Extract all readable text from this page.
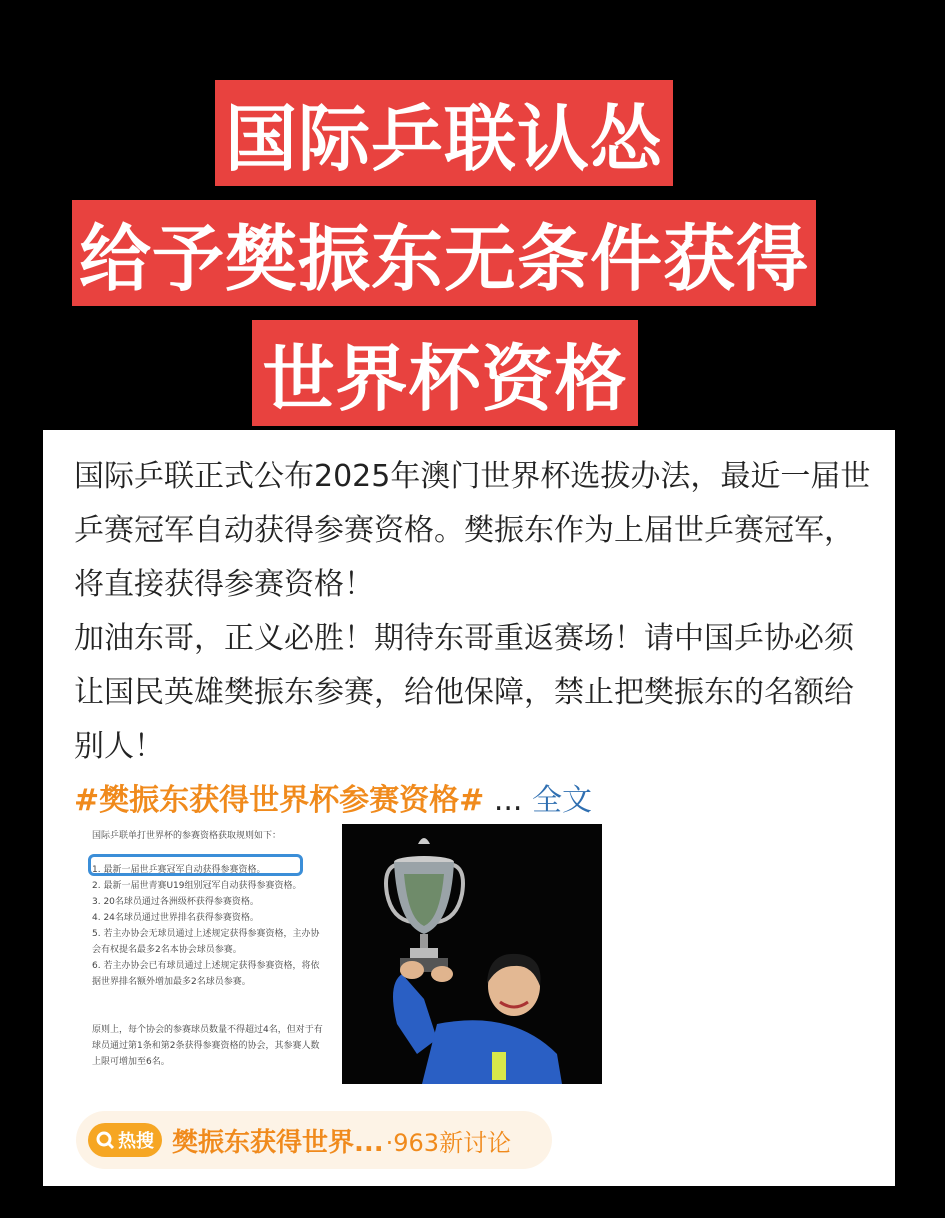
国际乒联认怂
给予樊振东无条件获得
世界杯资格

国际乒联正式公布2025年澳门世界杯选拔办法，最近一届世乒赛冠军自动获得参赛资格。樊振东作为上届世乒赛冠军，将直接获得参赛资格！

加油东哥，正义必胜！期待东哥重返赛场！请中国乒协必须让国民英雄樊振东参赛，给他保障，禁止把樊振东的名额给别人！

#樊振东获得世界杯参赛资格# ... 全文
国际乒联单打世界杯的参赛资格获取规则如下：

1. 最新一届世乒赛冠军自动获得参赛资格。

2. 最新一届世青赛U19组别冠军自动获得参赛资格。

3. 20名球员通过各洲级杯获得参赛资格。

4. 24名球员通过世界排名获得参赛资格。

5. 若主办协会无球员通过上述规定获得参赛资格，主办协会有权提名最多2名本协会球员参赛。

6. 若主办协会已有球员通过上述规定获得参赛资格，将依据世界排名额外增加最多2名球员参赛。

原则上，每个协会的参赛球员数量不得超过4名，但对于有球员通过第1条和第2条获得参赛资格的协会，其参赛人数上限可增加至6名。
热搜 樊振东获得世界... ·963新讨论
